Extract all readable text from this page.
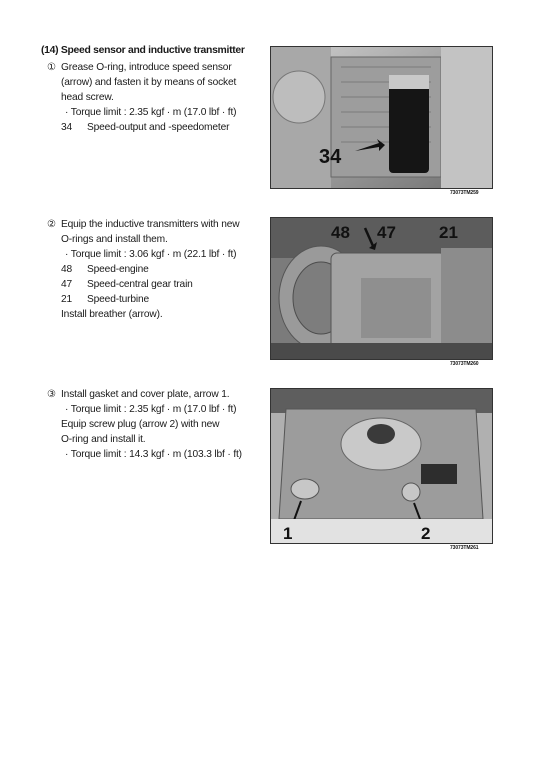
(14) Speed sensor and inductive transmitter
① Grease O-ring, introduce speed sensor
(arrow) and fasten it by means of socket
head screw.
· Torque limit : 2.35 kgf · m (17.0 lbf · ft)
34 Speed-output and -speedometer
34
73073TM259
② Equip the inductive transmitters with new
O-rings and install them.
· Torque limit : 3.06 kgf · m (22.1 lbf · ft)
48 Speed-engine
47 Speed-central gear train
21 Speed-turbine
Install breather (arrow).
48 47	21
73073TM260
③ Install gasket and cover plate, arrow 1.
· Torque limit : 2.35 kgf · m (17.0 lbf · ft)
Equip screw plug (arrow 2) with new
O-ring and install it.
· Torque limit : 14.3 kgf · m (103.3 lbf · ft)
1	2
73073TM261
